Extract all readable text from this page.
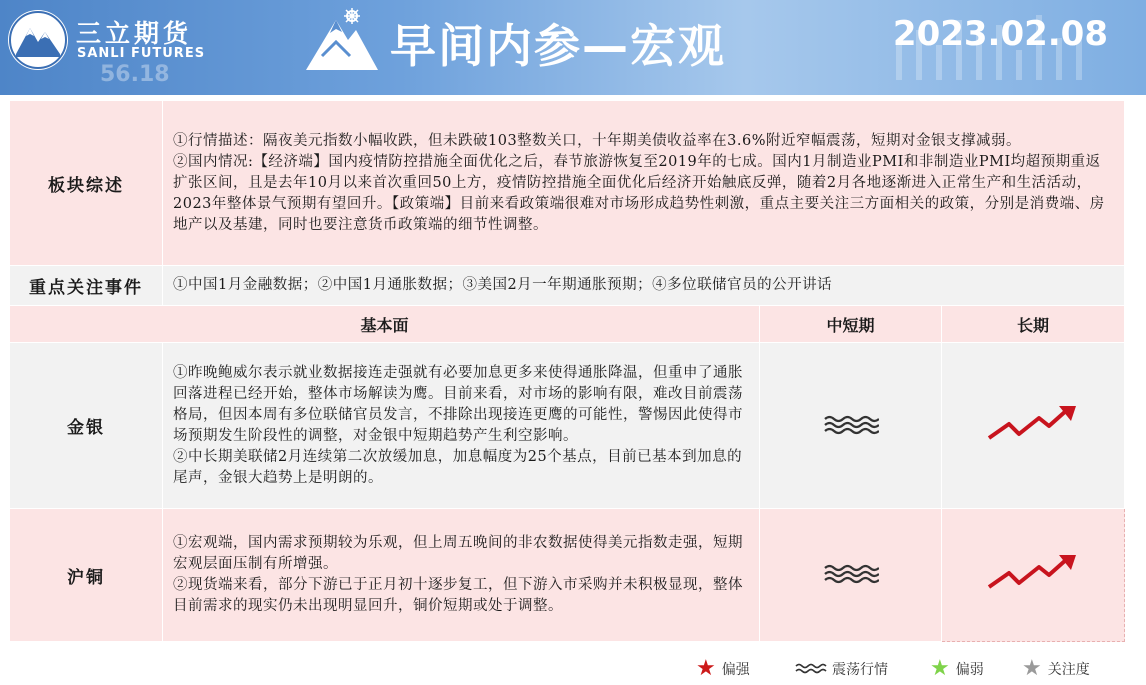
56.18
三立期货
SANLI FUTURES	早间内参—宏观	2023.02.08
板块综述	①行情描述：隔夜美元指数小幅收跌，但未跌破103整数关口，十年期美债收益率在3.6%附近窄幅震荡，短期对金银支撑减弱。
②国内情况:【经济端】国内疫情防控措施全面优化之后，春节旅游恢复至2019年的七成。国内1月制造业PMI和非制造业PMI均超预期重返扩张区间，且是去年10月以来首次重回50上方，疫情防控措施全面优化后经济开始触底反弹，随着2月各地逐渐进入正常生产和生活活动，2023年整体景气预期有望回升。【政策端】目前来看政策端很难对市场形成趋势性刺激，重点主要关注三方面相关的政策，分别是消费端、房地产以及基建，同时也要注意货币政策端的细节性调整。		

重点关注事件	①中国1月金融数据；②中国1月通胀数据；③美国2月一年期通胀预期；④多位联储官员的公开讲话		
基本面		中短期	长期
金银	①昨晚鲍威尔表示就业数据接连走强就有必要加息更多来使得通胀降温，但重申了通胀回落进程已经开始，整体市场解读为鹰。目前来看，对市场的影响有限，难改目前震荡格局，但因本周有多位联储官员发言，不排除出现接连更鹰的可能性，警惕因此使得市场预期发生阶段性的调整，对金银中短期趋势产生利空影响。
②中长期美联储2月连续第二次放缓加息，加息幅度为25个基点，目前已基本到加息的尾声，金银大趋势上是明朗的。

沪铜	①宏观端，国内需求预期较为乐观，但上周五晚间的非农数据使得美元指数走强，短期宏观层面压制有所增强。
②现货端来看，部分下游已于正月初十逐步复工，但下游入市采购并未积极显现，整体目前需求的现实仍未出现明显回升，铜价短期或处于调整。

★ 偏强	震荡行情 ★ 偏弱 ★ 关注度
